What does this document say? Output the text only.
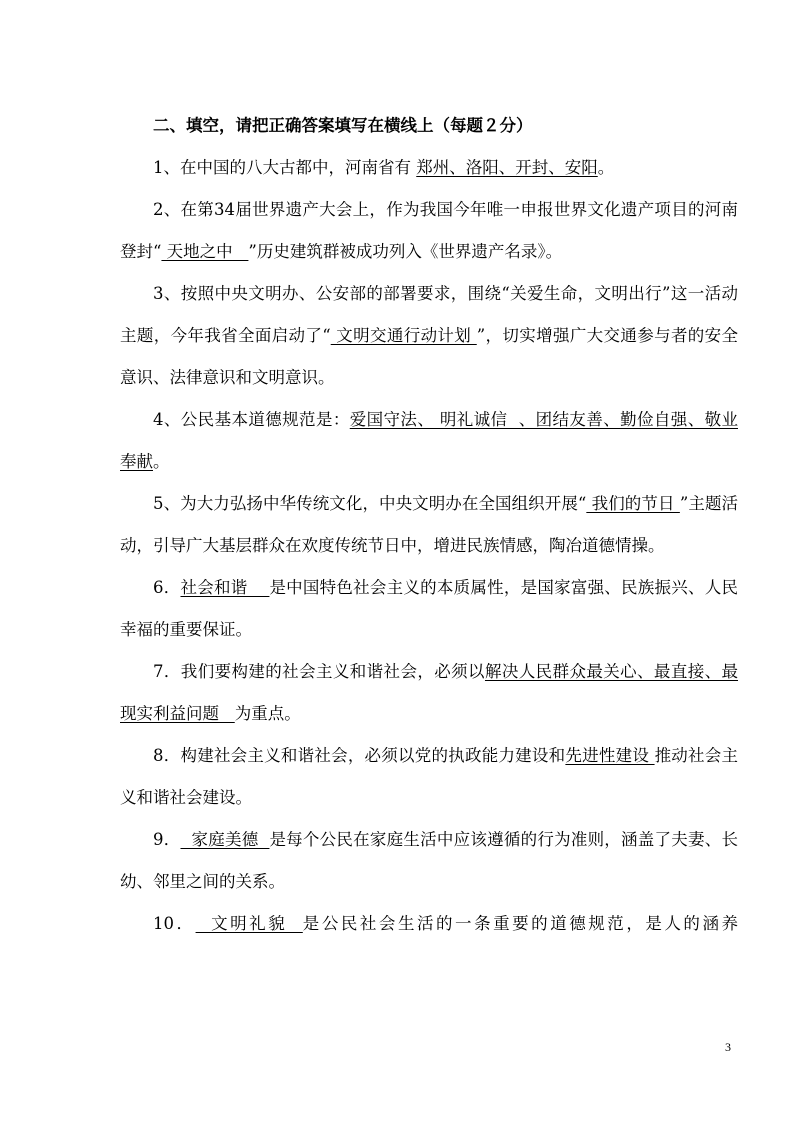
二、填空，请把正确答案填写在横线上（每题２分）
1、在中国的八大古都中，河南省有 郑州、洛阳、开封、安阳。
2、在第34届世界遗产大会上，作为我国今年唯一申报世界文化遗产项目的河南登封“ 天地之中   ”历史建筑群被成功列入《世界遗产名录》。
3、按照中央文明办、公安部的部署要求，围绕“关爱生命，文明出行”这一活动主题，今年我省全面启动了“ 文明交通行动计划 ”，切实增强广大交通参与者的安全意识、法律意识和文明意识。
4、公民基本道德规范是：爱国守法、 明礼诚信  、团结友善、勤俭自强、敬业奉献。
5、为大力弘扬中华传统文化，中央文明办在全国组织开展“ 我们的节日 ”主题活动，引导广大基层群众在欢度传统节日中，增进民族情感，陶冶道德情操。
6．社会和谐    是中国特色社会主义的本质属性，是国家富强、民族振兴、人民幸福的重要保证。
7．我们要构建的社会主义和谐社会，必须以解决人民群众最关心、最直接、最现实利益问题   为重点。
8．构建社会主义和谐社会，必须以党的执政能力建设和先进性建设 推动社会主义和谐社会建设。
9．  家庭美德  是每个公民在家庭生活中应该遵循的行为准则，涵盖了夫妻、长幼、邻里之间的关系。
10．  文明礼貌  是公民社会生活的一条重要的道德规范，是人的涵养
3
